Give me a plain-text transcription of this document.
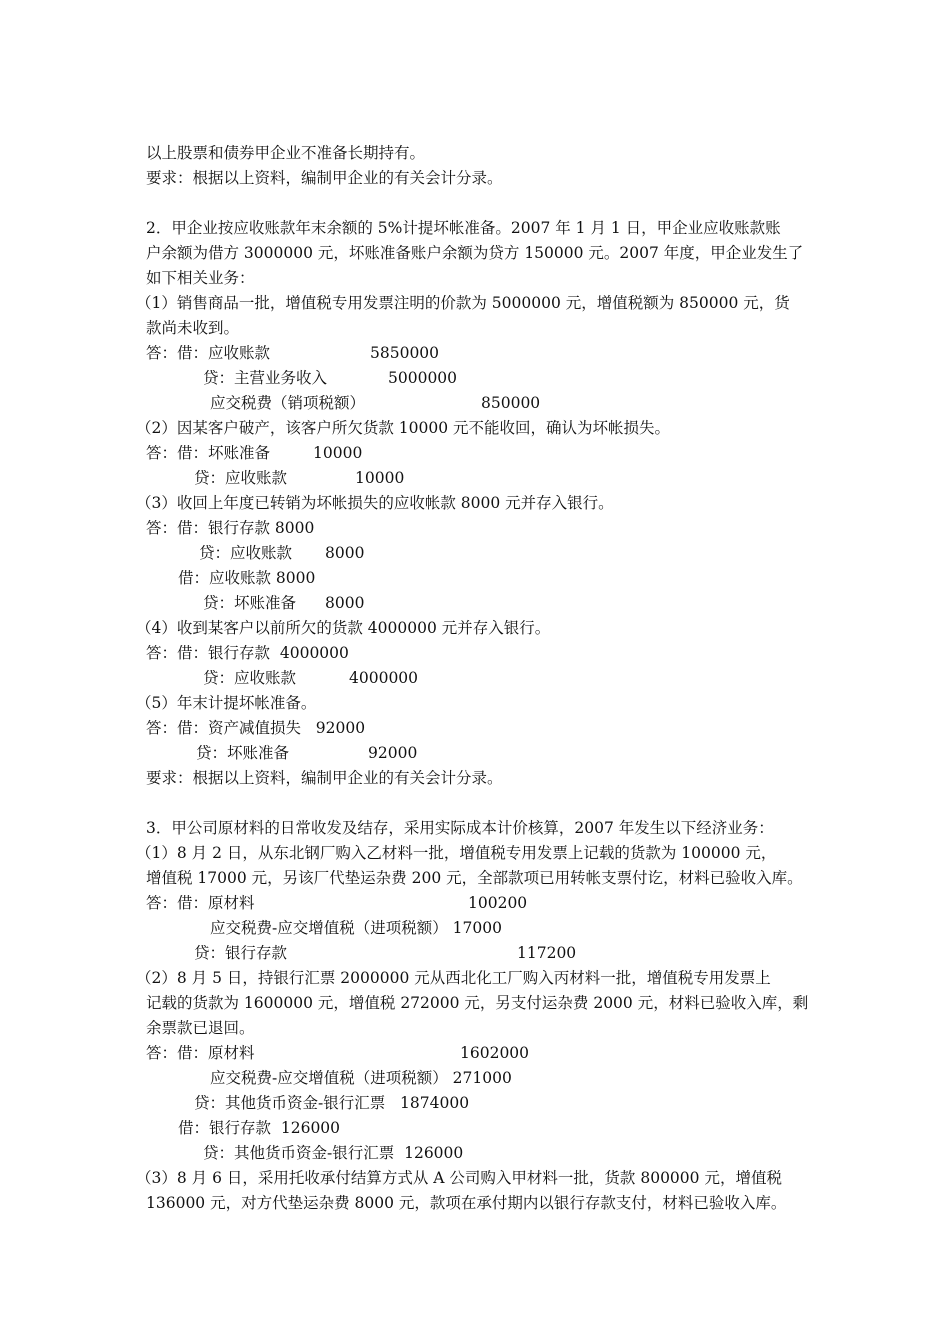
以上股票和债券甲企业不准备长期持有。
要求：根据以上资料，编制甲企业的有关会计分录。
2．甲企业按应收账款年末余额的 5%计提坏帐准备。2007 年 1 月 1 日，甲企业应收账款账
户余额为借方 3000000 元，坏账准备账户余额为贷方 150000 元。2007 年度，甲企业发生了
如下相关业务：
（1）销售商品一批，增值税专用发票注明的价款为 5000000 元，增值税额为 850000 元，货
款尚未收到。
答：借：应收账款	5850000
贷：主营业务收入	5000000
应交税费（销项税额）	850000
（2）因某客户破产，该客户所欠货款 10000 元不能收回，确认为坏帐损失。
答：借：坏账准备	10000
贷：应收账款	10000
（3）收回上年度已转销为坏帐损失的应收帐款 8000 元并存入银行。
答：借：银行存款 8000
贷：应收账款 8000
借：应收账款 8000
贷：坏账准备 8000
（4）收到某客户以前所欠的货款 4000000 元并存入银行。
答：借：银行存款  4000000
贷：应收账款	4000000
（5）年末计提坏帐准备。
答：借：资产减值损失   92000
贷：坏账准备	92000
要求：根据以上资料，编制甲企业的有关会计分录。
3．甲公司原材料的日常收发及结存，采用实际成本计价核算，2007 年发生以下经济业务：
（1）8 月 2 日，从东北钢厂购入乙材料一批，增值税专用发票上记载的货款为 100000 元，
增值税 17000 元，另该厂代垫运杂费 200 元，全部款项已用转帐支票付讫，材料已验收入库。
答：借：原材料	100200
应交税费-应交增值税（进项税额） 17000
贷：银行存款	117200
（2）8 月 5 日，持银行汇票 2000000 元从西北化工厂购入丙材料一批，增值税专用发票上
记载的货款为 1600000 元，增值税 272000 元，另支付运杂费 2000 元，材料已验收入库，剩
余票款已退回。
答：借：原材料	1602000
应交税费-应交增值税（进项税额） 271000
贷：其他货币资金-银行汇票   1874000
借：银行存款  126000
贷：其他货币资金-银行汇票  126000
（3）8 月 6 日，采用托收承付结算方式从 A 公司购入甲材料一批，货款 800000 元，增值税
136000 元，对方代垫运杂费 8000 元，款项在承付期内以银行存款支付，材料已验收入库。
